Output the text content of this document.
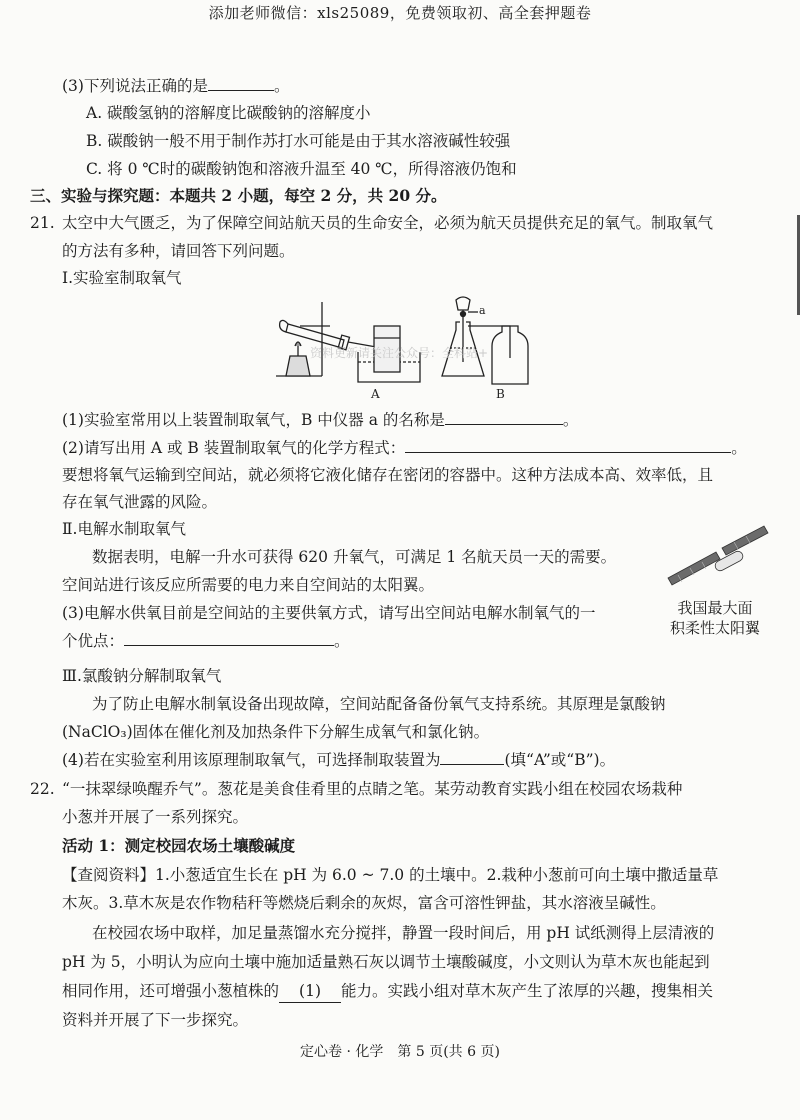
添加老师微信：xls25089，免费领取初、高全套押题卷
(3)下列说法正确的是	。
A. 碳酸氢钠的溶解度比碳酸钠的溶解度小
B. 碳酸钠一般不用于制作苏打水可能是由于其水溶液碱性较强
C. 将 0 ℃时的碳酸钠饱和溶液升温至 40 ℃，所得溶液仍饱和
三、实验与探究题：本题共 2 小题，每空 2 分，共 20 分。
21. 太空中大气匮乏，为了保障空间站航天员的生命安全，必须为航天员提供充足的氧气。制取氧气
的方法有多种，请回答下列问题。
Ⅰ.实验室制取氧气
a
A	B
资料更新请关注公众号：全科站+
(1)实验室常用以上装置制取氧气，B 中仪器 a 的名称是	。
(2)请写出用 A 或 B 装置制取氧气的化学方程式：	。
要想将氧气运输到空间站，就必须将它液化储存在密闭的容器中。这种方法成本高、效率低，且
存在氧气泄露的风险。
Ⅱ.电解水制取氧气
数据表明，电解一升水可获得 620 升氧气，可满足 1 名航天员一天的需要。
空间站进行该反应所需要的电力来自空间站的太阳翼。
(3)电解水供氧目前是空间站的主要供氧方式，请写出空间站电解水制氧气的一
个优点：	。
我国最大面
积柔性太阳翼
Ⅲ.氯酸钠分解制取氧气
为了防止电解水制氧设备出现故障，空间站配备备份氧气支持系统。其原理是氯酸钠
(NaClO₃)固体在催化剂及加热条件下分解生成氧气和氯化钠。
(4)若在实验室利用该原理制取氧气，可选择制取装置为	(填“A”或“B”)。
22. “一抹翠绿唤醒乔气”。葱花是美食佳肴里的点睛之笔。某劳动教育实践小组在校园农场栽种
小葱并开展了一系列探究。
活动 1：测定校园农场土壤酸碱度
【查阅资料】1.小葱适宜生长在 pH 为 6.0 ~ 7.0 的土壤中。2.栽种小葱前可向土壤中撒适量草
木灰。3.草木灰是农作物秸秆等燃烧后剩余的灰烬，富含可溶性钾盐，其水溶液呈碱性。
在校园农场中取样，加足量蒸馏水充分搅拌，静置一段时间后，用 pH 试纸测得上层清液的
pH 为 5，小明认为应向土壤中施加适量熟石灰以调节土壤酸碱度，小文则认为草木灰也能起到
相同作用，还可增强小葱植株的 (1) 能力。实践小组对草木灰产生了浓厚的兴趣，搜集相关
资料并开展了下一步探究。
定心卷 · 化学　第 5 页(共 6 页)
